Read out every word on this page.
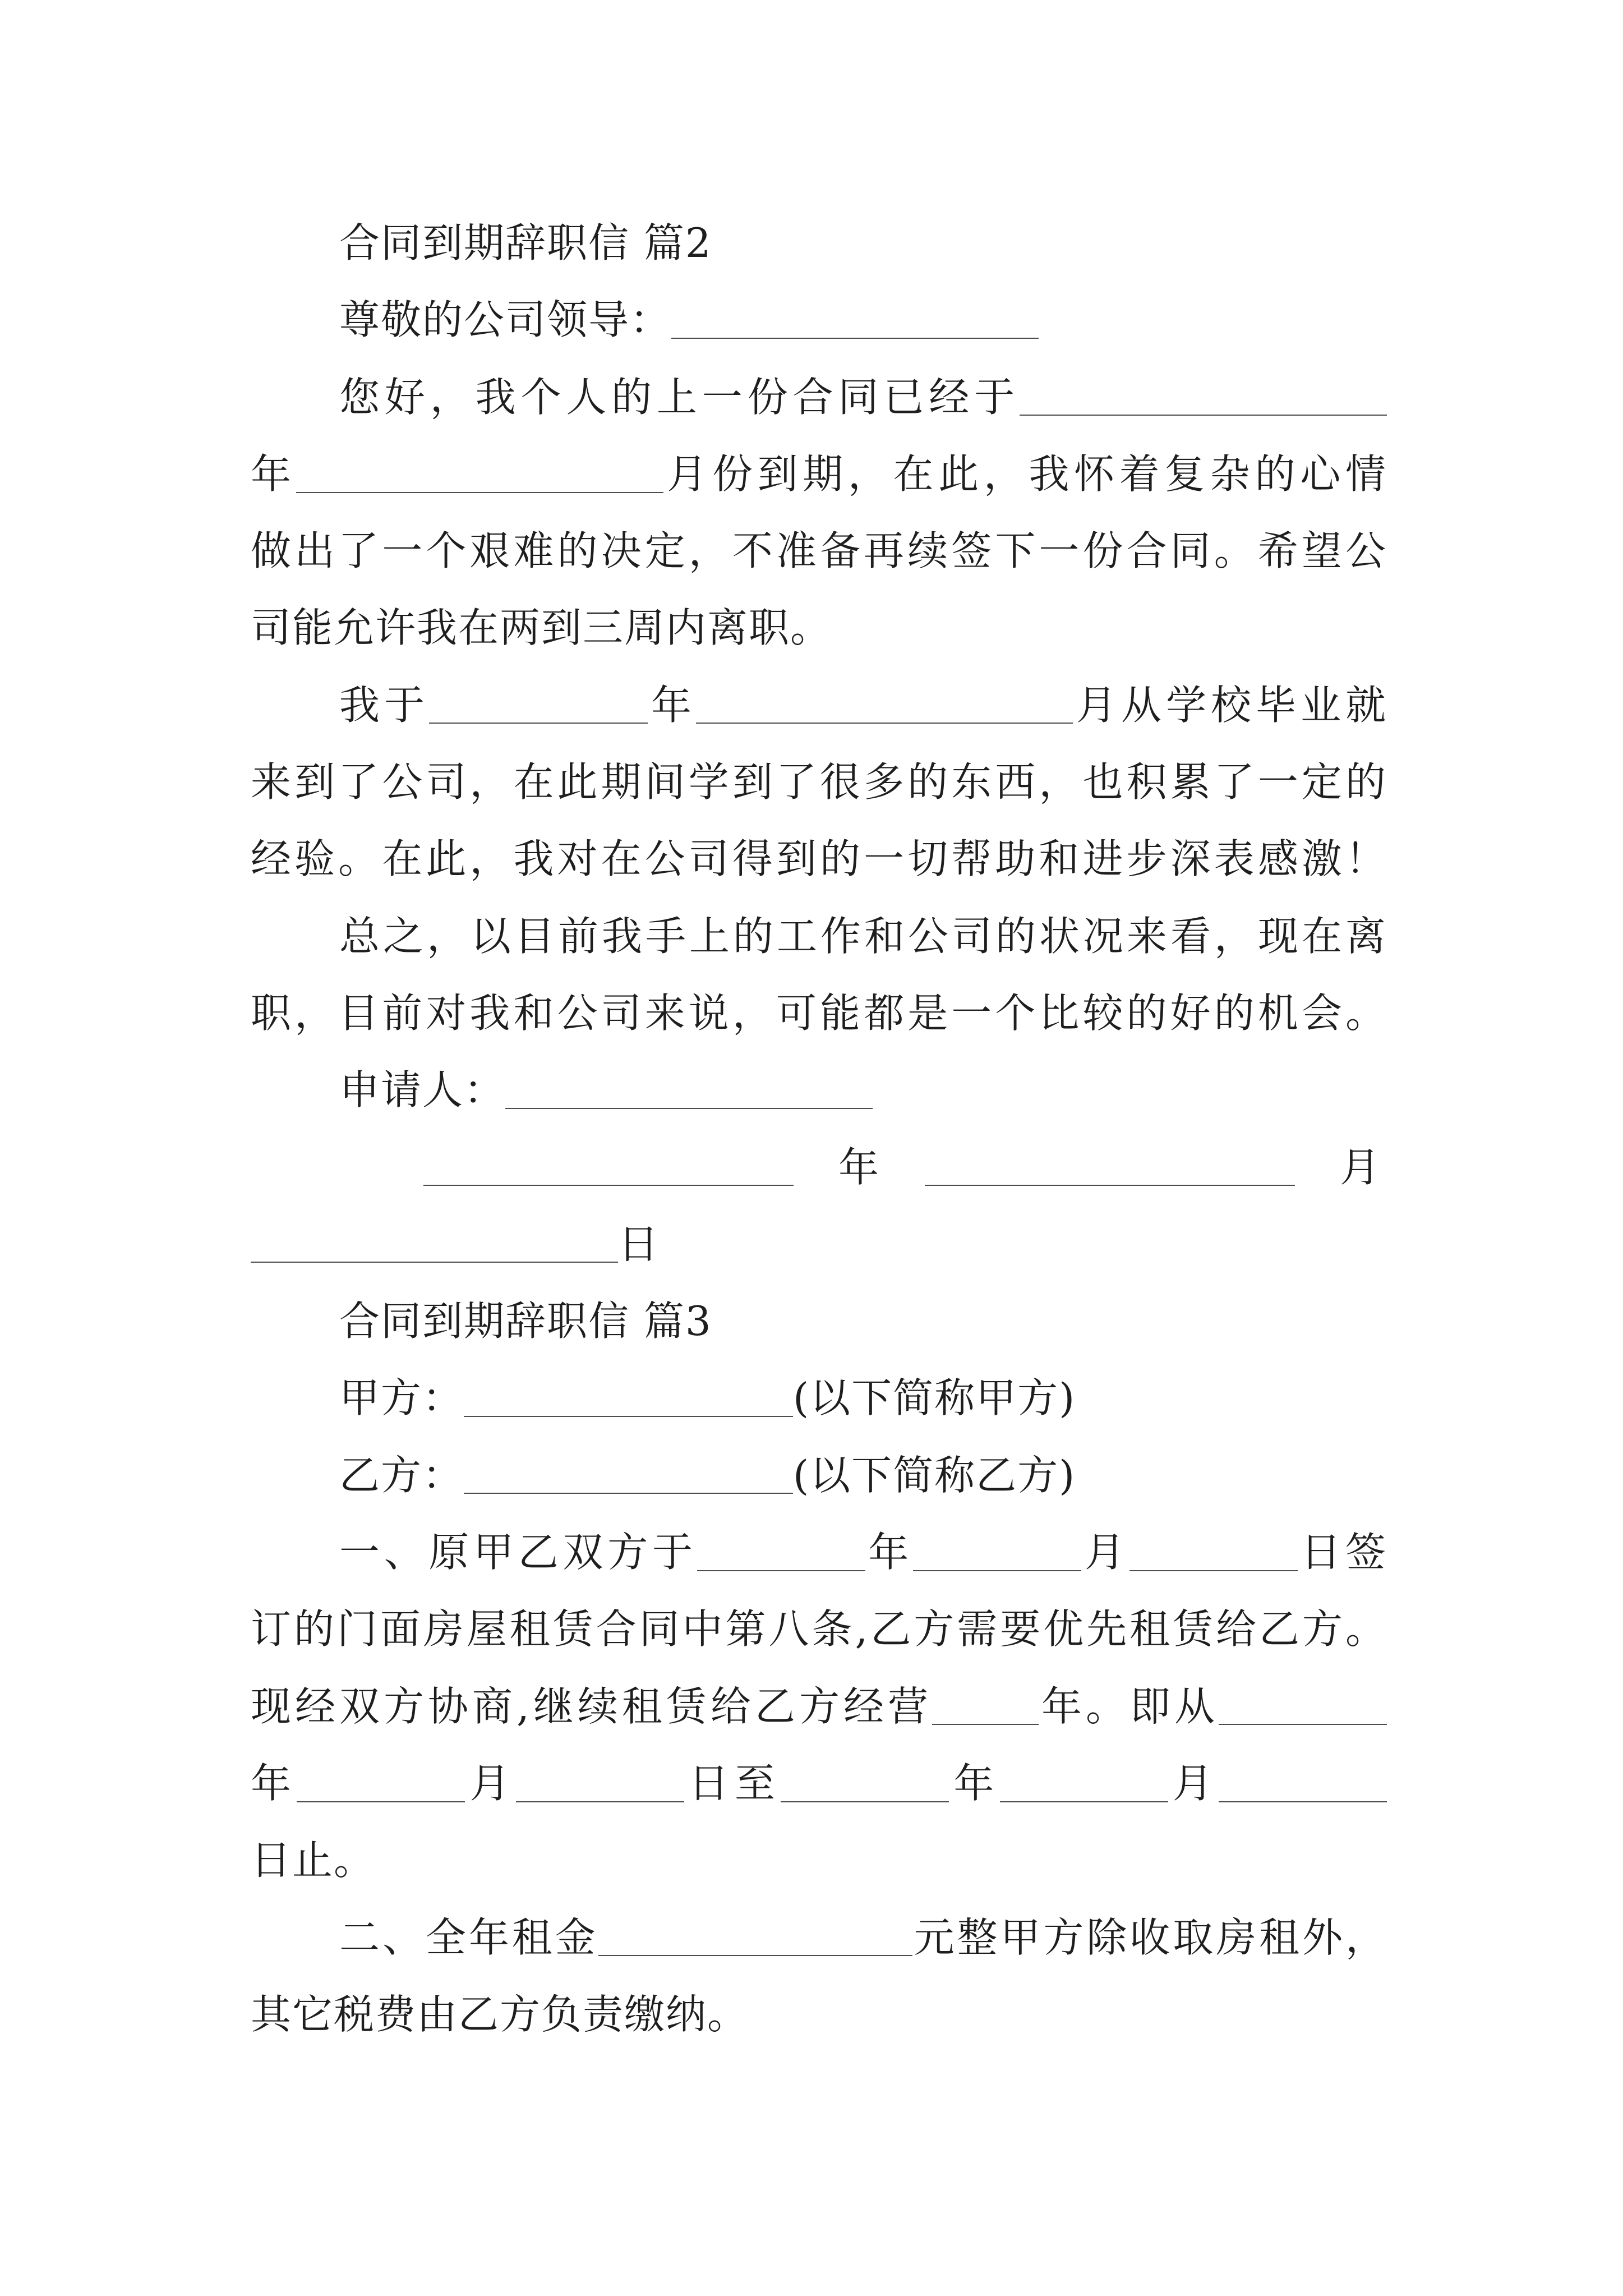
合同到期辞职信 篇2
尊敬的公司领导：
您好，我个人的上一份合同已经于
年	月份到期，在此，我怀着复杂的心情
做出了一个艰难的决定，不准备再续签下一份合同。希望公
司能允许我在两到三周内离职。
我于	年	月从学校毕业就
来到了公司，在此期间学到了很多的东西，也积累了一定的
经验。在此，我对在公司得到的一切帮助和进步深表感激！
总之，以目前我手上的工作和公司的状况来看，现在离
职，目前对我和公司来说，可能都是一个比较的好的机会。
申请人：
年	月
日
合同到期辞职信 篇3
甲方：	(以下简称甲方)
乙方：	(以下简称乙方)
一、原甲乙双方于	年	月	日签
订的门面房屋租赁合同中第八条,乙方需要优先租赁给乙方。
现经双方协商,继续租赁给乙方经营	年。即从
年	月	日至	年	月
日止。
二、全年租金	元整甲方除收取房租外，
其它税费由乙方负责缴纳。
